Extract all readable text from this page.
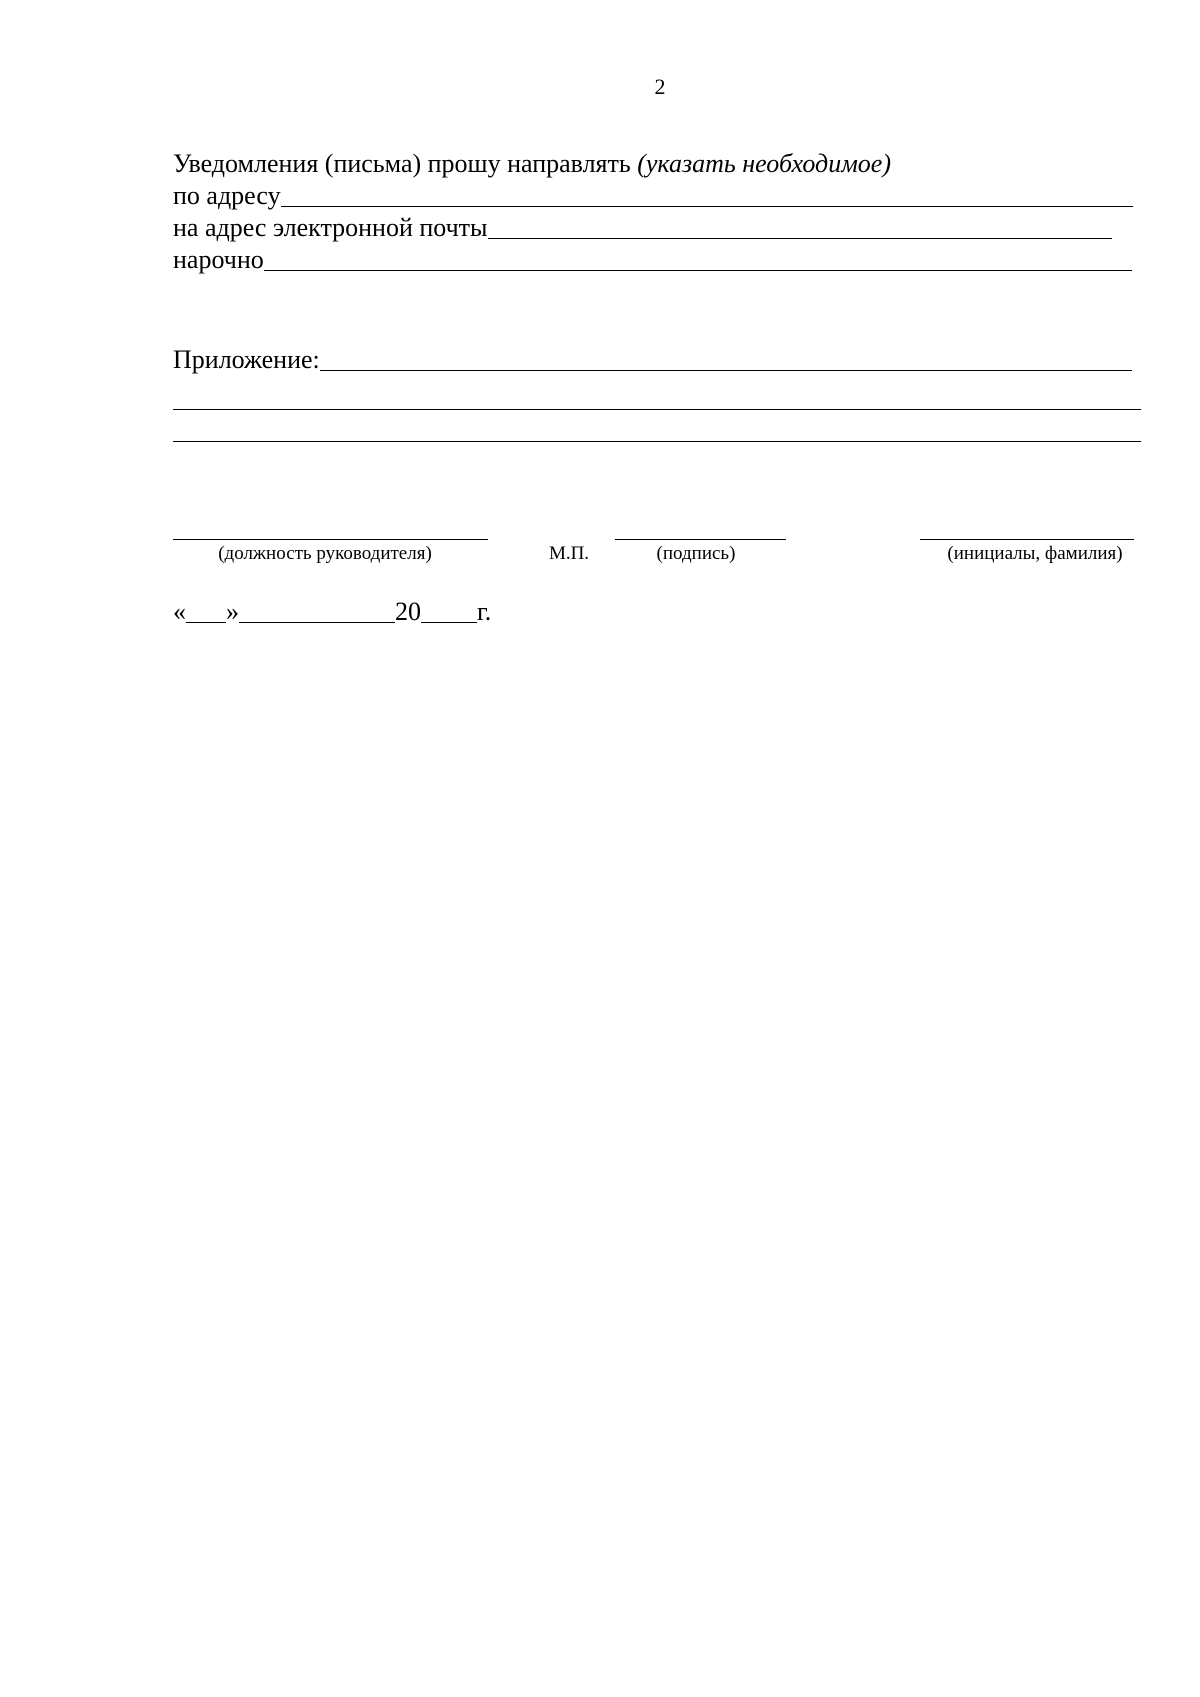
2
Уведомления (письма) прошу направлять (указать необходимое)
по адресу
на адрес электронной почты
нарочно
Приложение:
(должность руководителя)	М.П.	(подпись)	(инициалы, фамилия)
« »	20 г.
